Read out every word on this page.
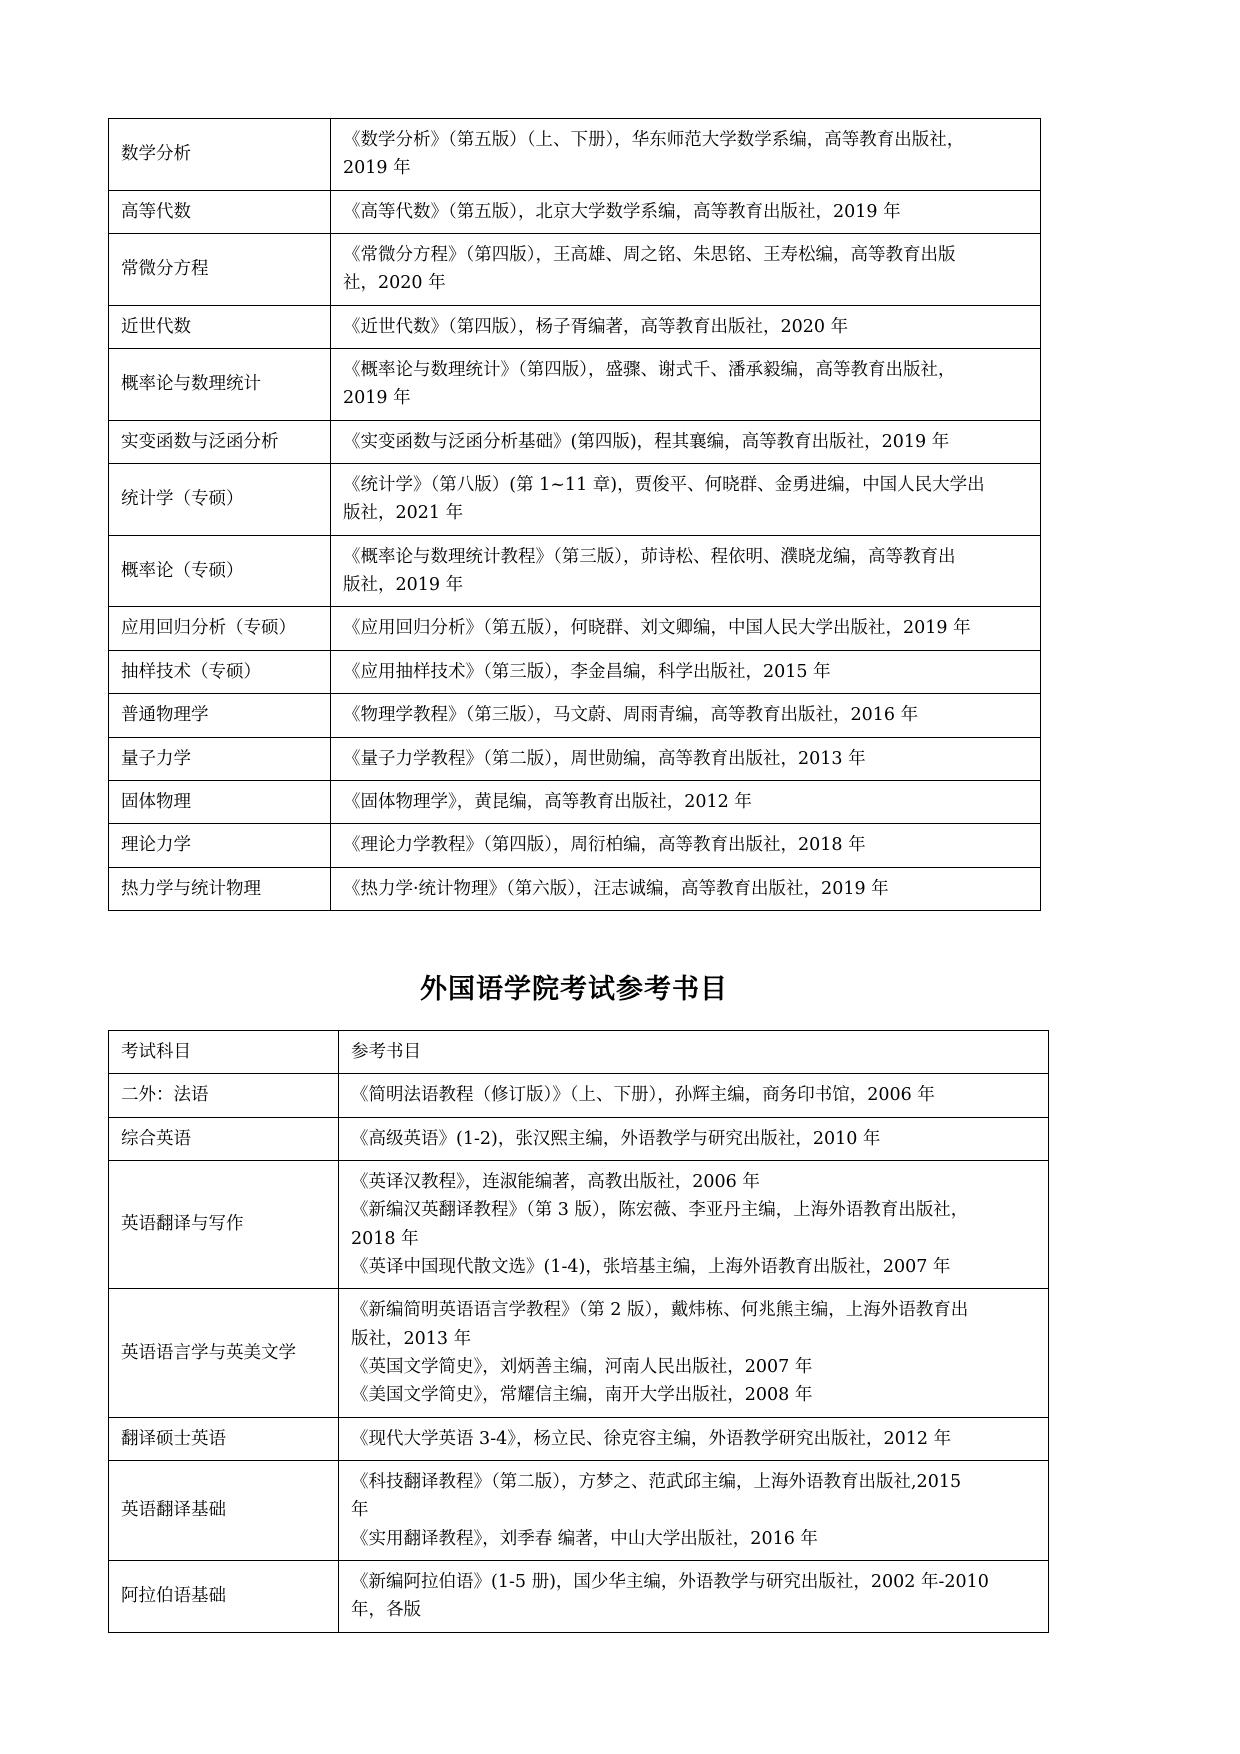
数学分析	《数学分析》（第五版）（上、下册），华东师范大学数学系编，高等教育出版社，
2019 年

高等代数	《高等代数》（第五版），北京大学数学系编，高等教育出版社，2019 年

常微分方程	《常微分方程》（第四版），王高雄、周之铭、朱思铭、王寿松编，高等教育出版
社，2020 年

近世代数	《近世代数》（第四版），杨子胥编著，高等教育出版社，2020 年

概率论与数理统计	《概率论与数理统计》（第四版），盛骤、谢式千、潘承毅编，高等教育出版社，
2019 年

实变函数与泛函分析	《实变函数与泛函分析基础》(第四版)，程其襄编，高等教育出版社，2019 年

统计学（专硕）	《统计学》（第八版）(第 1~11 章)，贾俊平、何晓群、金勇进编，中国人民大学出
版社，2021 年

概率论（专硕）	《概率论与数理统计教程》（第三版），茆诗松、程依明、濮晓龙编，高等教育出
版社，2019 年

应用回归分析（专硕）	《应用回归分析》（第五版），何晓群、刘文卿编，中国人民大学出版社，2019 年

抽样技术（专硕）	《应用抽样技术》（第三版），李金昌编，科学出版社，2015 年

普通物理学	《物理学教程》（第三版），马文蔚、周雨青编，高等教育出版社，2016 年

量子力学	《量子力学教程》（第二版），周世勋编，高等教育出版社，2013 年

固体物理	《固体物理学》，黄昆编，高等教育出版社，2012 年

理论力学	《理论力学教程》（第四版），周衍柏编，高等教育出版社，2018 年

热力学与统计物理	《热力学·统计物理》（第六版），汪志诚编，高等教育出版社，2019 年
外国语学院考试参考书目
考试科目	参考书目
二外：法语	《简明法语教程（修订版）》（上、下册），孙辉主编，商务印书馆，2006 年

综合英语	《高级英语》(1-2)，张汉熙主编，外语教学与研究出版社，2010 年

英语翻译与写作	《英译汉教程》，连淑能编著，高教出版社，2006 年
《新编汉英翻译教程》（第 3 版），陈宏薇、李亚丹主编，上海外语教育出版社，
2018 年
《英译中国现代散文选》(1-4)，张培基主编，上海外语教育出版社，2007 年

英语语言学与英美文学	《新编简明英语语言学教程》（第 2 版），戴炜栋、何兆熊主编，上海外语教育出
版社，2013 年
《英国文学简史》，刘炳善主编，河南人民出版社，2007 年
《美国文学简史》，常耀信主编，南开大学出版社，2008 年

翻译硕士英语	《现代大学英语 3-4》，杨立民、徐克容主编，外语教学研究出版社，2012 年

英语翻译基础	《科技翻译教程》（第二版），方梦之、范武邱主编，上海外语教育出版社,2015
年
《实用翻译教程》，刘季春 编著，中山大学出版社，2016 年

阿拉伯语基础	《新编阿拉伯语》(1-5 册)，国少华主编，外语教学与研究出版社，2002 年-2010
年，各版
